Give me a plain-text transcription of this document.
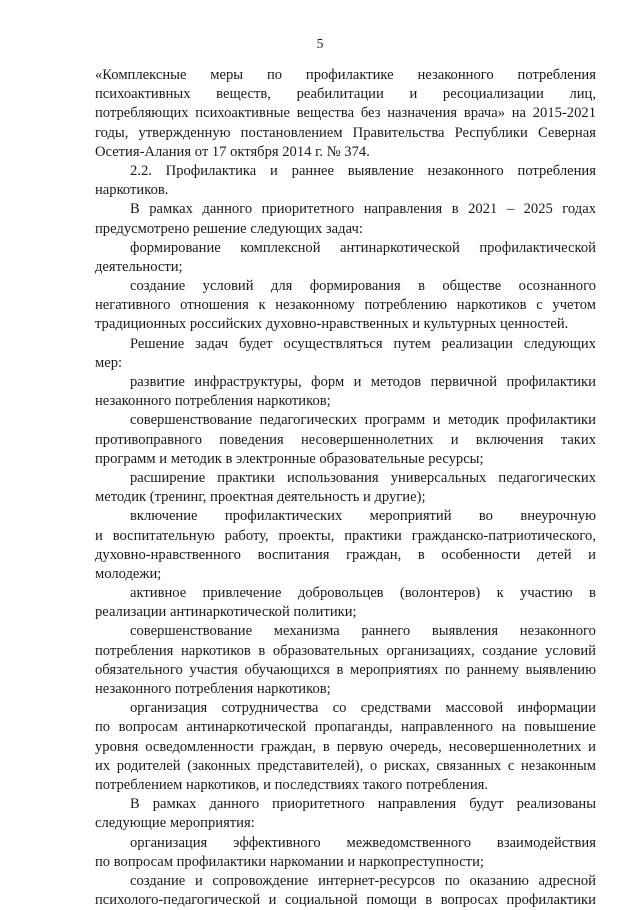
5
«Комплексные меры по профилактике незаконного потребления
психоактивных веществ, реабилитации и ресоциализации лиц,
потребляющих психоактивные вещества без назначения врача» на 2015-2021
годы, утвержденную постановлением Правительства Республики Северная
Осетия-Алания от 17 октября 2014 г. № 374.
2.2. Профилактика и раннее выявление незаконного потребления
наркотиков.
В рамках данного приоритетного направления в 2021 – 2025 годах
предусмотрено решение следующих задач:
формирование комплексной антинаркотической профилактической
деятельности;
создание условий для формирования в обществе осознанного
негативного отношения к незаконному потреблению наркотиков с учетом
традиционных российских духовно-нравственных и культурных ценностей.
Решение задач будет осуществляться путем реализации следующих
мер:
развитие инфраструктуры, форм и методов первичной профилактики
незаконного потребления наркотиков;
совершенствование педагогических программ и методик профилактики
противоправного поведения несовершеннолетних и включения таких
программ и методик в электронные образовательные ресурсы;
расширение практики использования универсальных педагогических
методик (тренинг, проектная деятельность и другие);
включение профилактических мероприятий во внеурочную
и воспитательную работу, проекты, практики гражданско-патриотического,
духовно-нравственного воспитания граждан, в особенности детей и
молодежи;
активное привлечение добровольцев (волонтеров) к участию в
реализации антинаркотической политики;
совершенствование механизма раннего выявления незаконного
потребления наркотиков в образовательных организациях, создание условий
обязательного участия обучающихся в мероприятиях по раннему выявлению
незаконного потребления наркотиков;
организация сотрудничества со средствами массовой информации
по вопросам антинаркотической пропаганды, направленного на повышение
уровня осведомленности граждан, в первую очередь, несовершеннолетних и
их родителей (законных представителей), о рисках, связанных с незаконным
потреблением наркотиков, и последствиях такого потребления.
В рамках данного приоритетного направления будут реализованы
следующие мероприятия:
организация эффективного межведомственного взаимодействия
по вопросам профилактики наркомании и наркопреступности;
создание и сопровождение интернет-ресурсов по оказанию адресной
психолого-педагогической и социальной помощи в вопросах профилактики
